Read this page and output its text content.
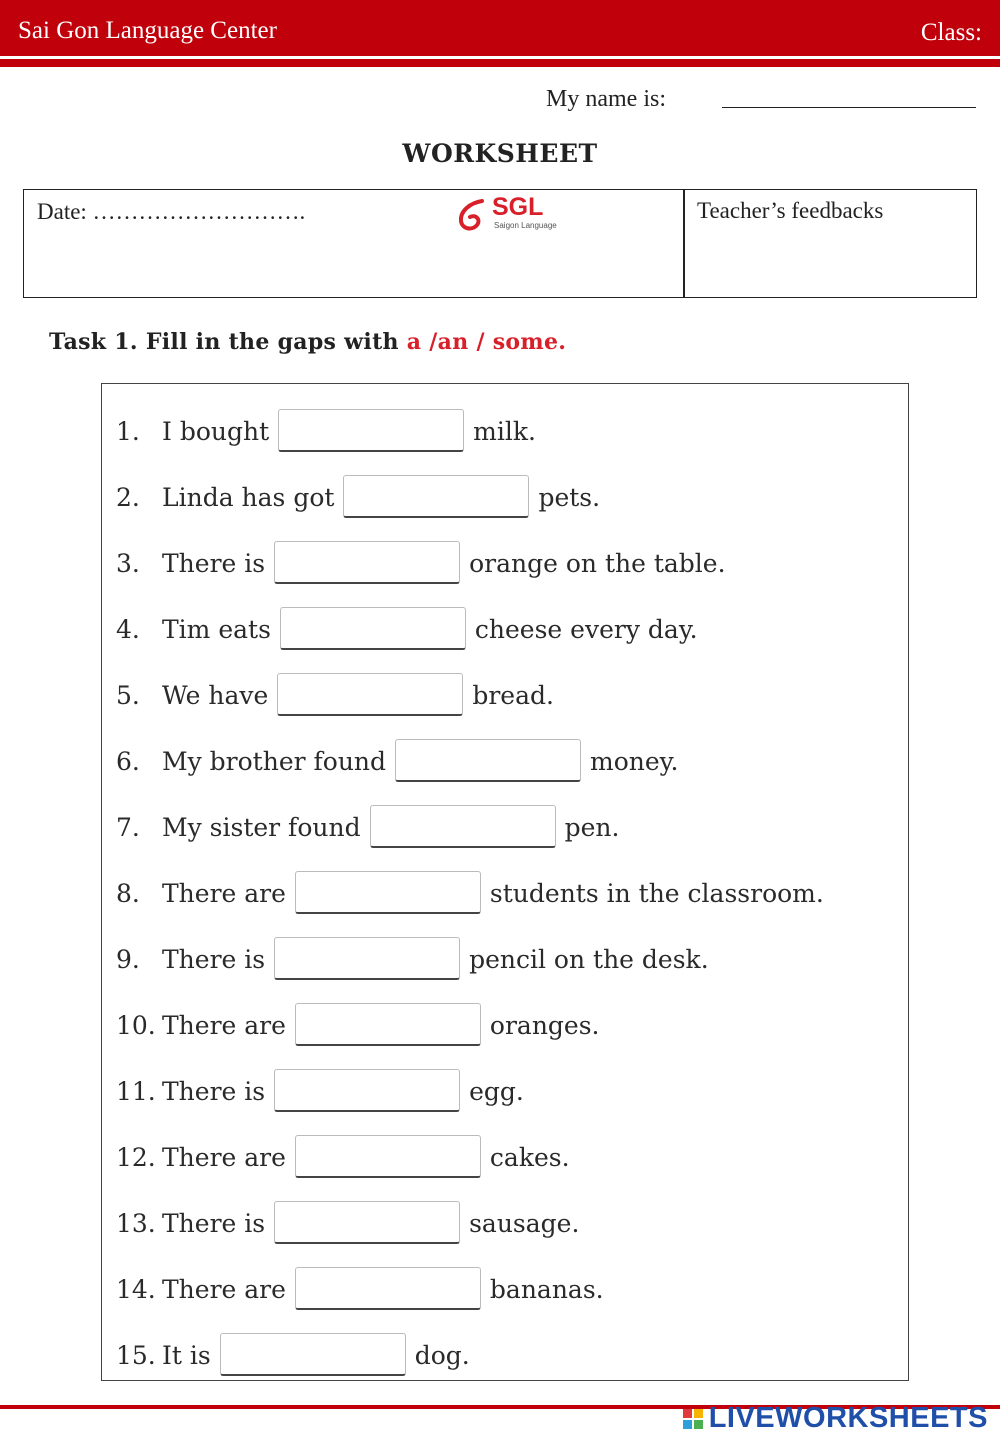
Sai Gon Language Center	Class:
My name is:
WORKSHEET
Date: ……………………….	SGL
Saigon Language
Teacher’s feedbacks
Task 1. Fill in the gaps with a /an / some.
1. I bought	milk.
2. Linda has got	pets.
3. There is	orange on the table.
4. Tim eats	cheese every day.
5. We have	bread.
6. My brother found	money.
7. My sister found	pen.
8. There are	students in the classroom.
9. There is	pencil on the desk.
10. There are	oranges.
11. There is	egg.
12. There are	cakes.
13. There is	sausage.
14. There are	bananas.
15. It is	dog.
LIVEWORKSHEETS
